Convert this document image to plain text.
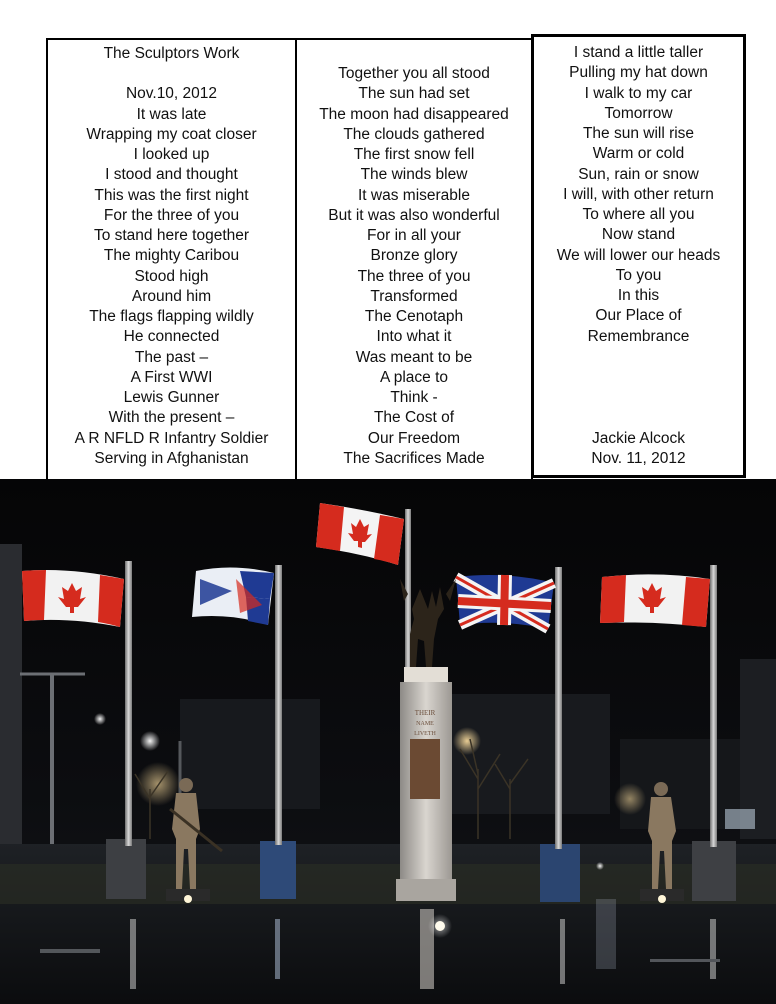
The Sculptors Work
Nov.10, 2012
It was late
Wrapping my coat closer
I looked up
I stood and thought
This was the first night
For the three of you
To stand here together
The mighty Caribou
Stood high
Around him
The flags flapping wildly
He connected
The past –
A First WWI
Lewis Gunner
With the present –
A R NFLD R Infantry Soldier
Serving in Afghanistan
Together you all stood
The sun had set
The moon had disappeared
The clouds gathered
The first snow fell
The winds blew
It was miserable
But it was also wonderful
For in all your
Bronze glory
The three of you
Transformed
The Cenotaph
Into what it
Was meant to be
A place to
Think -
The Cost of
Our Freedom
The Sacrifices Made
I stand a little taller
Pulling my hat down
I walk to my car
Tomorrow
The sun will rise
Warm or cold
Sun, rain or snow
I will, with other return
To where all you
Now stand
We will lower our heads
To you
In this
Our Place of
Remembrance
Jackie Alcock
Nov. 11, 2012
THEIR
NAME
LIVETH
